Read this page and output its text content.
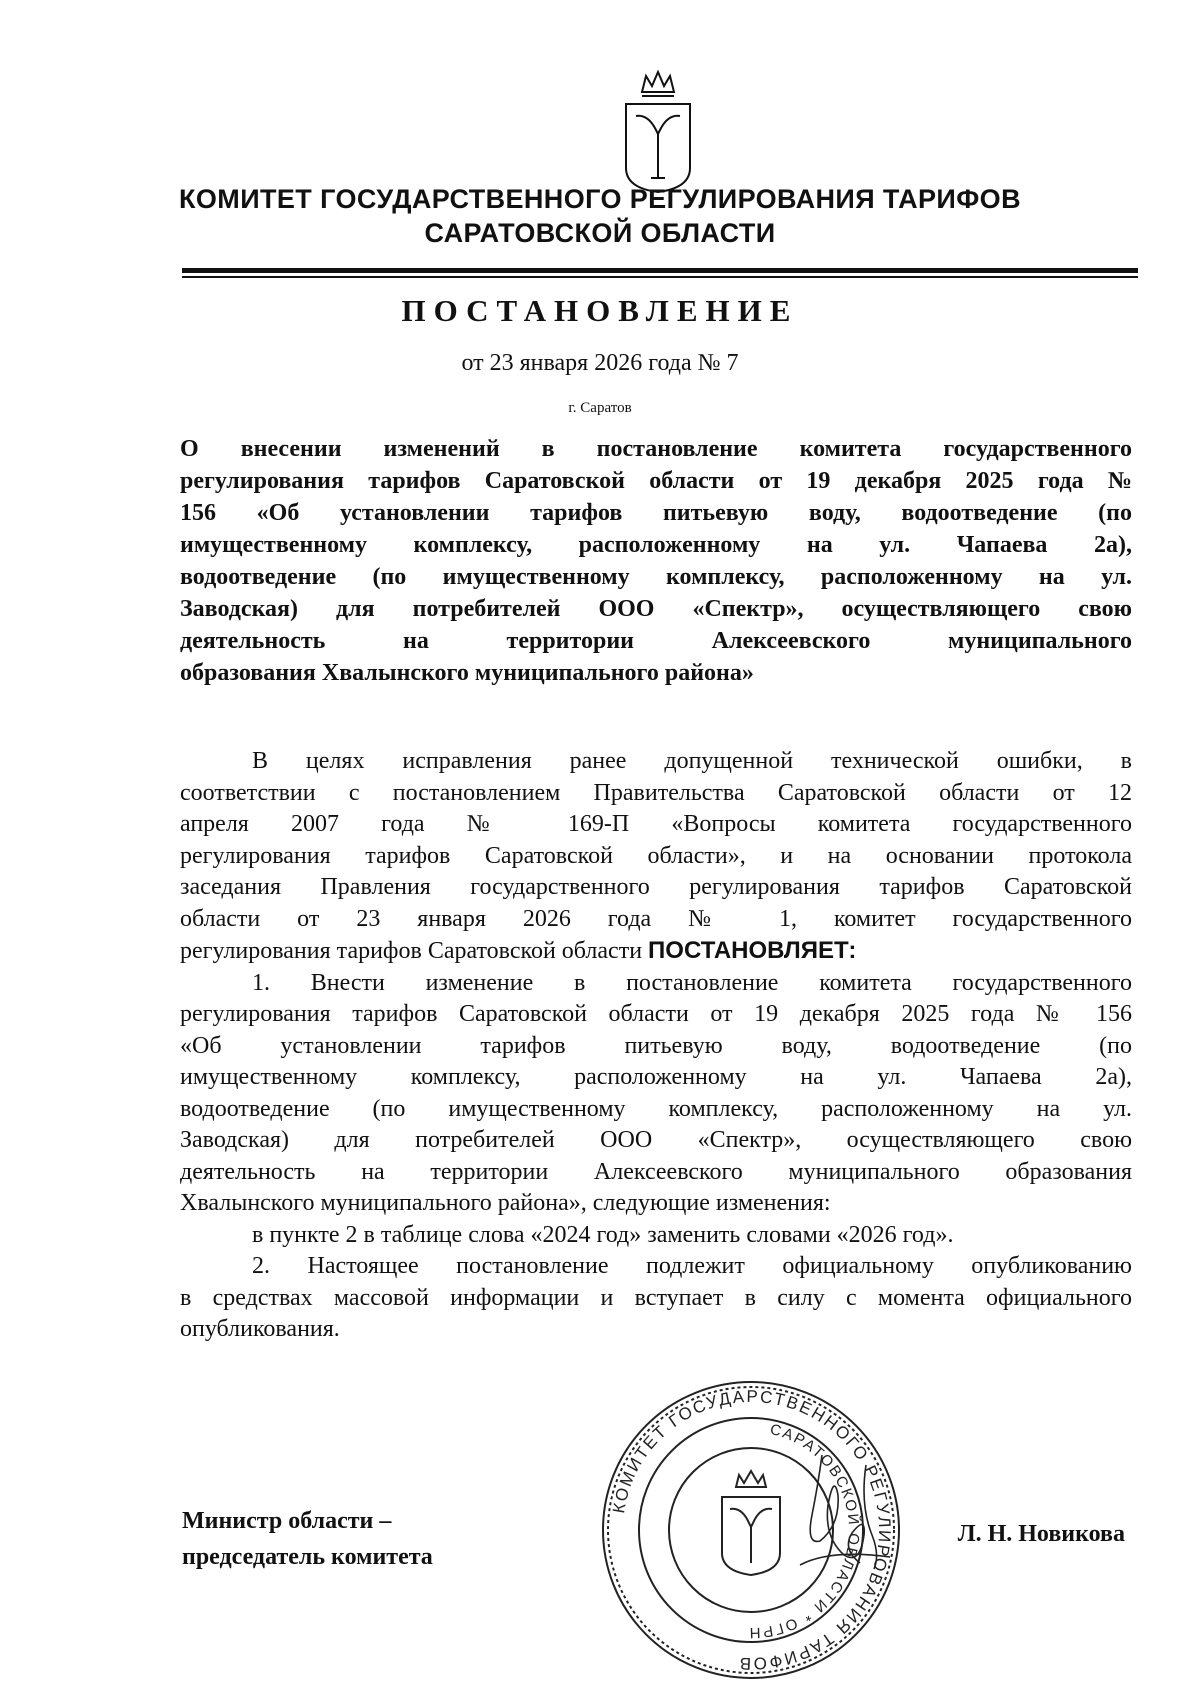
КОМИТЕТ ГОСУДАРСТВЕННОГО РЕГУЛИРОВАНИЯ ТАРИФОВ
САРАТОВСКОЙ ОБЛАСТИ
ПОСТАНОВЛЕНИЕ
от 23 января 2026 года № 7
г. Саратов
О внесении изменений в постановление комитета государственного
регулирования тарифов Саратовской области от 19 декабря 2025 года №
156 «Об установлении тарифов питьевую воду, водоотведение (по
имущественному комплексу, расположенному на ул. Чапаева 2а),
водоотведение (по имущественному комплексу, расположенному на ул.
Заводская) для потребителей ООО «Спектр», осуществляющего свою
деятельность на территории Алексеевского муниципального
образования Хвалынского муниципального района»
В целях исправления ранее допущенной технической ошибки, в
соответствии с постановлением Правительства Саратовской области от 12
апреля 2007 года № 169-П «Вопросы комитета государственного
регулирования тарифов Саратовской области», и на основании протокола
заседания Правления государственного регулирования тарифов Саратовской
области от 23 января 2026 года № 1, комитет государственного
регулирования тарифов Саратовской области ПОСТАНОВЛЯЕТ:
1. Внести изменение в постановление комитета государственного
регулирования тарифов Саратовской области от 19 декабря 2025 года № 156
«Об установлении тарифов питьевую воду, водоотведение (по
имущественному комплексу, расположенному на ул. Чапаева 2а),
водоотведение (по имущественному комплексу, расположенному на ул.
Заводская) для потребителей ООО «Спектр», осуществляющего свою
деятельность на территории Алексеевского муниципального образования
Хвалынского муниципального района», следующие изменения:
в пункте 2 в таблице слова «2024 год» заменить словами «2026 год».
2. Настоящее постановление подлежит официальному опубликованию
в средствах массовой информации и вступает в силу с момента официального
опубликования.
КОМИТЕТ ГОСУДАРСТВЕННОГО РЕГУЛИРОВАНИЯ ТАРИФОВ
САРАТОВСКОЙ ОБЛАСТИ * ОГРН
Министр области –
председатель комитета
Л. Н. Новикова
